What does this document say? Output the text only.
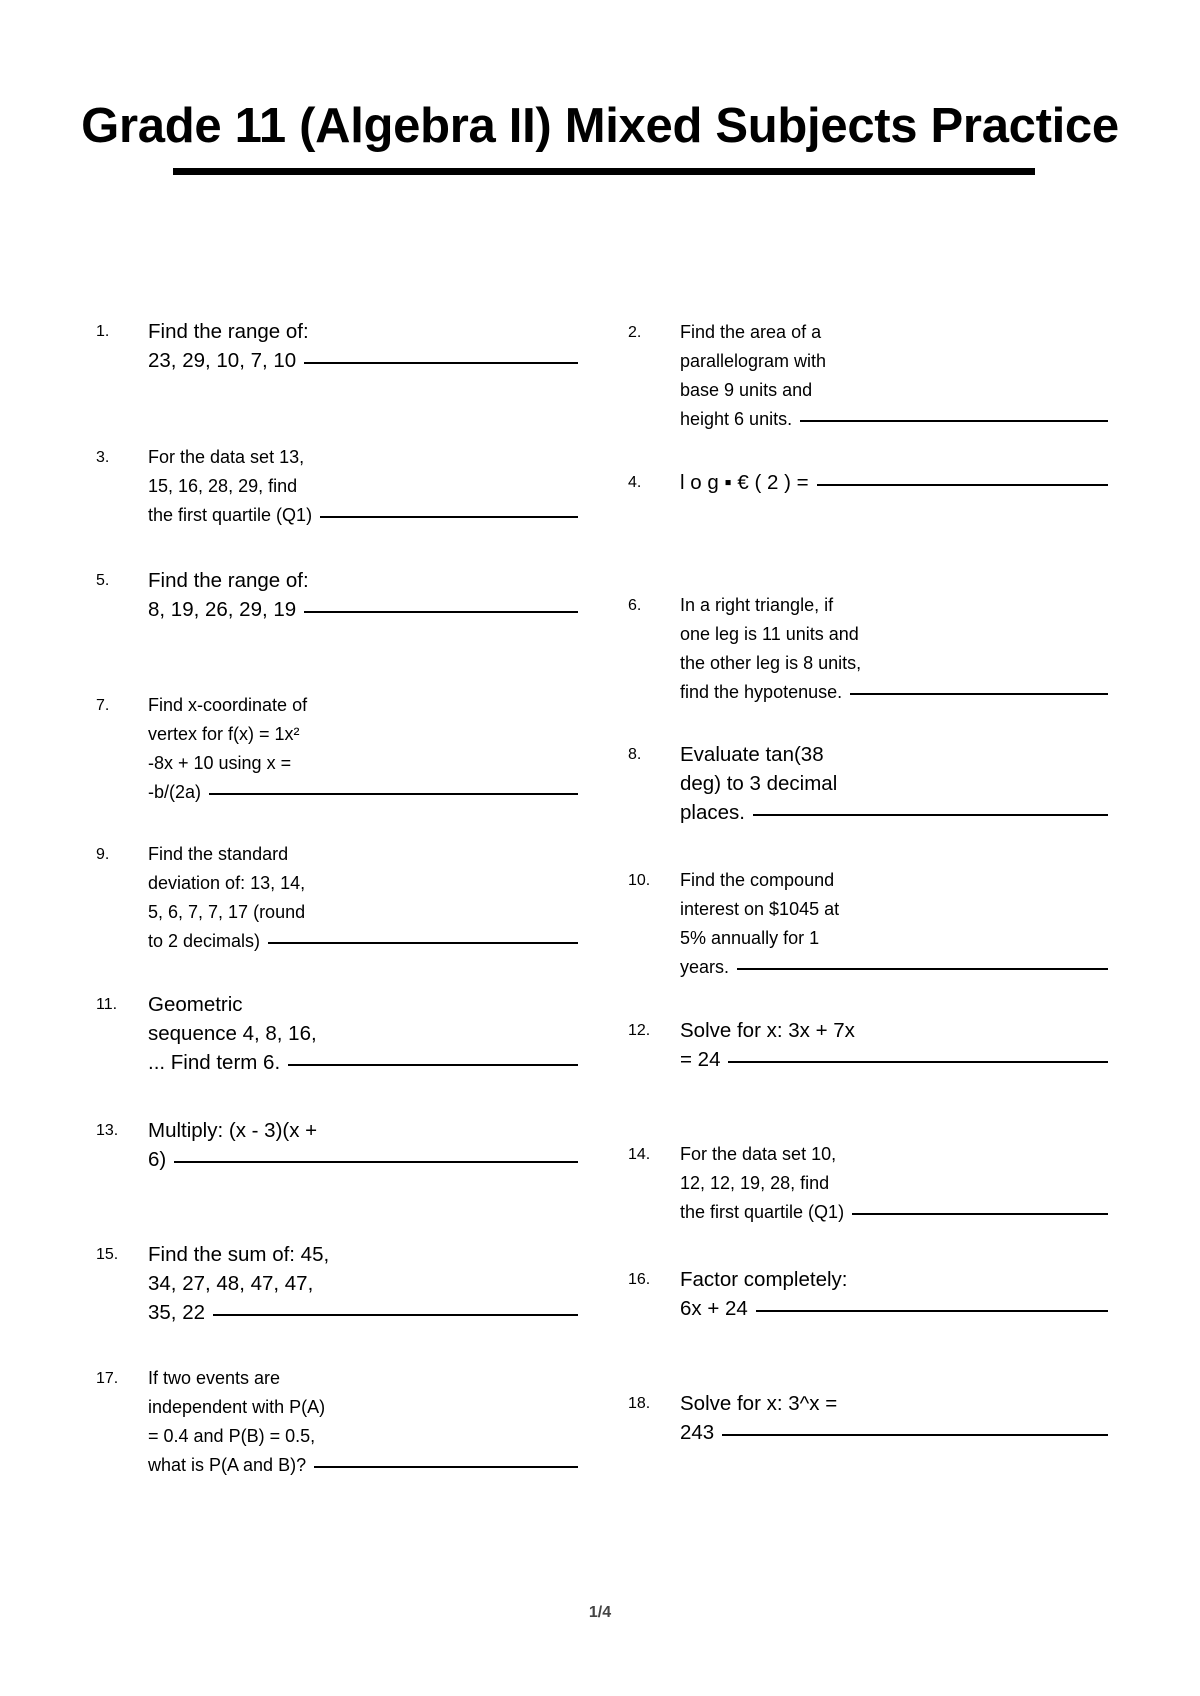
Grade 11 (Algebra II) Mixed Subjects Practice
1.	Find the range of:
23, 29, 10, 7, 10
2.	Find the area of a
parallelogram with
base 9 units and
height 6 units.
3.	For the data set 13,
15, 16, 28, 29, find
the first quartile (Q1)
4.	l o g ▪ € ( 2 ) =
5.	Find the range of:
8, 19, 26, 29, 19	6.	In a right triangle, if
one leg is 11 units and
the other leg is 8 units,
find the hypotenuse.
7.	Find x-coordinate of
vertex for f(x) = 1x²
-8x + 10 using x =
-b/(2a)
8.	Evaluate tan(38
deg) to 3 decimal
places.
9.	Find the standard
deviation of: 13, 14,
5, 6, 7, 7, 17 (round
to 2 decimals)
10. Find the compound
interest on $1045 at
5% annually for 1
years.
11. Geometric
sequence 4, 8, 16,
... Find term 6.
12. Solve for x: 3x + 7x
= 24
13. Multiply: (x - 3)(x +
6)	14. For the data set 10,
12, 12, 19, 28, find
the first quartile (Q1)
15. Find the sum of: 45,
34, 27, 48, 47, 47,
35, 22
16. Factor completely:
6x + 24
17. If two events are
independent with P(A)
= 0.4 and P(B) = 0.5,
what is P(A and B)?
18. Solve for x: 3^x =
243
1/4
